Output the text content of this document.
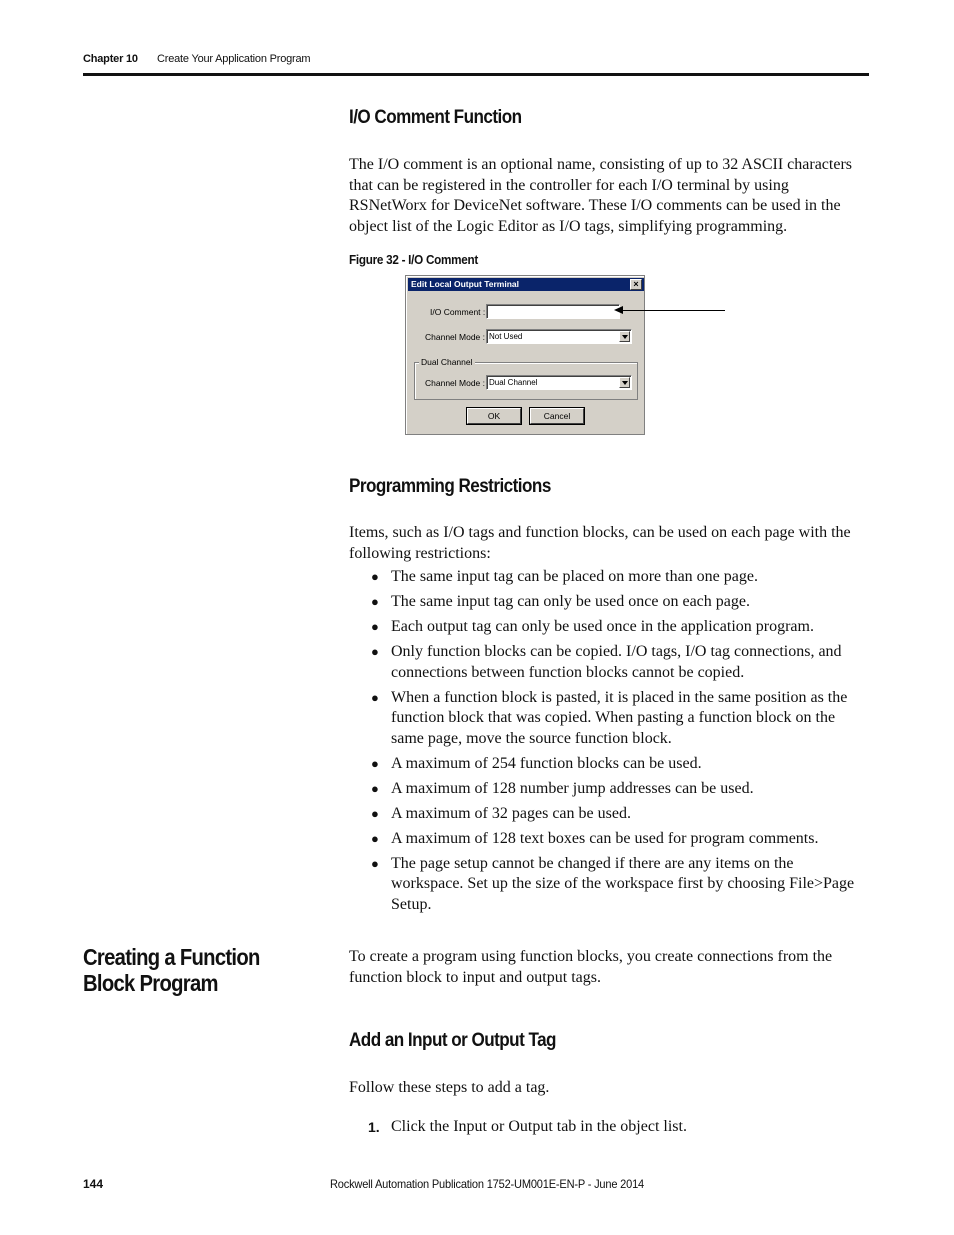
Chapter 10 Create Your Application Program
I/O Comment Function
The I/O comment is an optional name, consisting of up to 32 ASCII characters that can be registered in the controller for each I/O terminal by using RSNetWorx for DeviceNet software. These I/O comments can be used in the object list of the Logic Editor as I/O tags, simplifying programming.
Figure 32 - I/O Comment
Edit Local Output Terminal	×
I/O Comment :
Channel Mode : Not Used
Dual Channel
Channel Mode : Dual Channel
OK	Cancel
Programming Restrictions
Items, such as I/O tags and function blocks, can be used on each page with the following restrictions:
● The same input tag can be placed on more than one page.
● The same input tag can only be used once on each page.
● Each output tag can only be used once in the application program.
● Only function blocks can be copied. I/O tags, I/O tag connections, and connections between function blocks cannot be copied.
● When a function block is pasted, it is placed in the same position as the function block that was copied. When pasting a function block on the same page, move the source function block.
● A maximum of 254 function blocks can be used.
● A maximum of 128 number jump addresses can be used.
● A maximum of 32 pages can be used.
● A maximum of 128 text boxes can be used for program comments.
● The page setup cannot be changed if there are any items on the workspace. Set up the size of the workspace first by choosing File>Page Setup.
Creating a Function Block Program
To create a program using function blocks, you create connections from the function block to input and output tags.
Add an Input or Output Tag
Follow these steps to add a tag.
1. Click the Input or Output tab in the object list.
144	Rockwell Automation Publication 1752-UM001E-EN-P - June 2014
